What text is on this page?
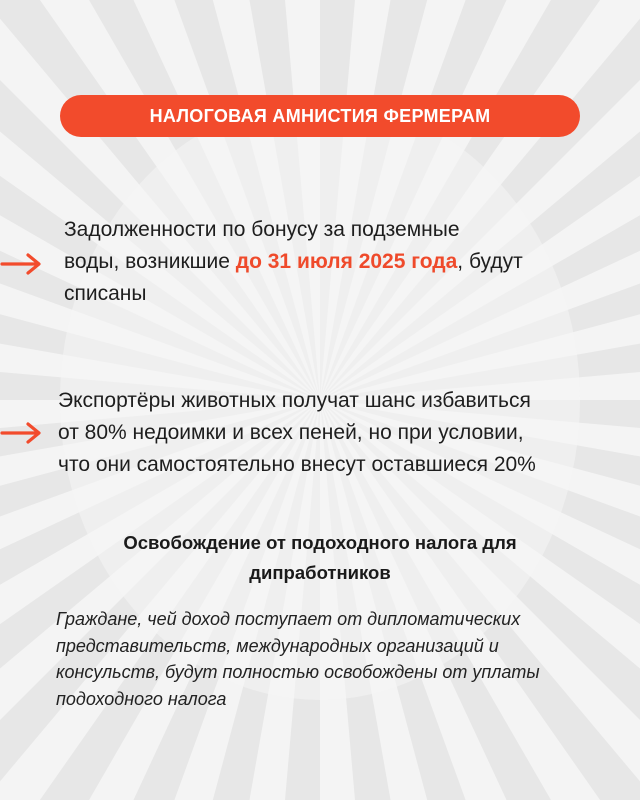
НАЛОГОВАЯ АМНИСТИЯ ФЕРМЕРАМ
Задолженности по бонусу за подземные
воды, возникшие до 31 июля 2025 года, будут
списаны
Экспортёры животных получат шанс избавиться
от 80% недоимки и всех пеней, но при условии,
что они самостоятельно внесут оставшиеся 20%
Освобождение от подоходного налога для
дипработников
Граждане, чей доход поступает от дипломатических
представительств, международных организаций и
консульств, будут полностью освобождены от уплаты
подоходного налога
